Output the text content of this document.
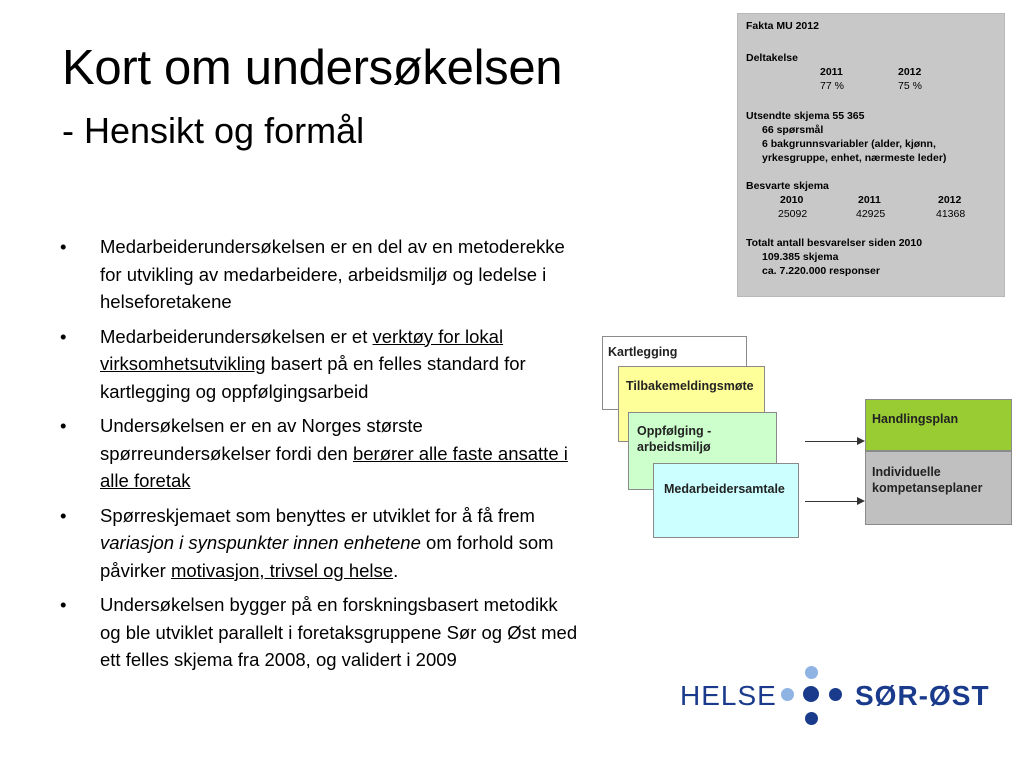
Kort om undersøkelsen
- Hensikt og formål
• Medarbeiderundersøkelsen er en del av en metoderekke for utvikling av medarbeidere, arbeidsmiljø og ledelse i helseforetakene
• Medarbeiderundersøkelsen er et verktøy for lokal virksomhetsutvikling basert på en felles standard for kartlegging og oppfølgingsarbeid
• Undersøkelsen er en av Norges største spørreundersøkelser fordi den berører alle faste ansatte i alle foretak
• Spørreskjemaet som benyttes er utviklet for å få frem variasjon i synspunkter innen enhetene om forhold som påvirker motivasjon, trivsel og helse.
• Undersøkelsen bygger på en forskningsbasert metodikk og ble utviklet parallelt i foretaksgruppene Sør og Øst med ett felles skjema fra 2008, og validert i 2009
Fakta MU 2012
Deltakelse
2011	2012
77 %	75 %
Utsendte skjema 55 365
66 spørsmål
6 bakgrunnsvariabler (alder, kjønn,
yrkesgruppe, enhet, nærmeste leder)
Besvarte skjema
2010	2011	2012
25092	42925	41368
Totalt antall besvarelser siden 2010
109.385 skjema
ca. 7.220.000 responser
Kartlegging
Tilbakemeldingsmøte
Oppfølging - arbeidsmiljø
Medarbeidersamtale
Handlingsplan
Individuelle kompetanseplaner
HELSE	SØR-ØST
